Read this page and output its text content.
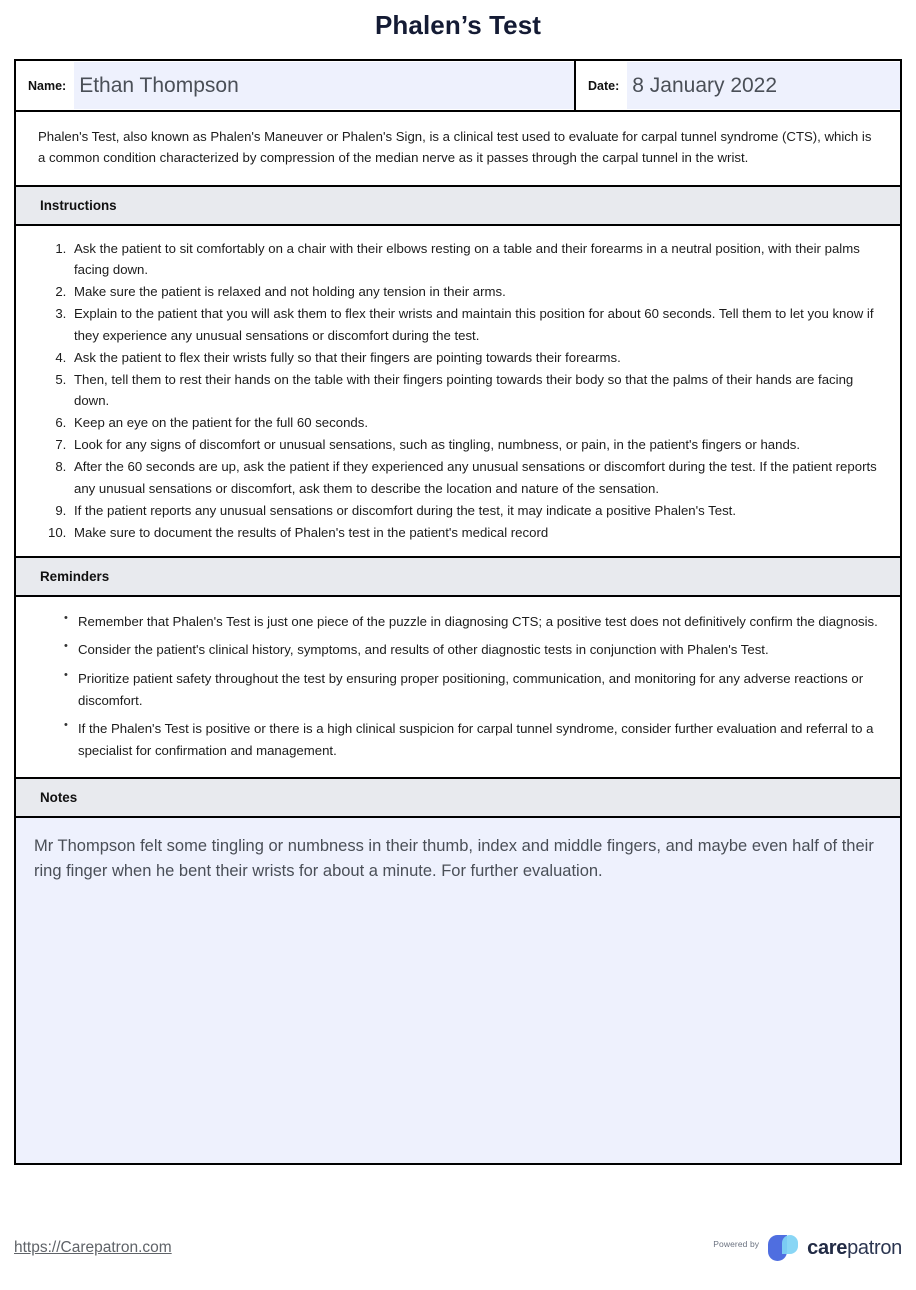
Phalen’s Test
Name: Ethan Thompson	Date: 8 January 2022
Phalen's Test, also known as Phalen's Maneuver or Phalen's Sign, is a clinical test used to evaluate for carpal tunnel syndrome (CTS), which is a common condition characterized by compression of the median nerve as it passes through the carpal tunnel in the wrist.
Instructions
1. Ask the patient to sit comfortably on a chair with their elbows resting on a table and their forearms in a neutral position, with their palms facing down.
2. Make sure the patient is relaxed and not holding any tension in their arms.
3. Explain to the patient that you will ask them to flex their wrists and maintain this position for about 60 seconds. Tell them to let you know if they experience any unusual sensations or discomfort during the test.
4. Ask the patient to flex their wrists fully so that their fingers are pointing towards their forearms.
5. Then, tell them to rest their hands on the table with their fingers pointing towards their body so that the palms of their hands are facing down.
6. Keep an eye on the patient for the full 60 seconds.
7. Look for any signs of discomfort or unusual sensations, such as tingling, numbness, or pain, in the patient's fingers or hands.
8. After the 60 seconds are up, ask the patient if they experienced any unusual sensations or discomfort during the test. If the patient reports any unusual sensations or discomfort, ask them to describe the location and nature of the sensation.
9. If the patient reports any unusual sensations or discomfort during the test, it may indicate a positive Phalen's Test.
10. Make sure to document the results of Phalen's test in the patient's medical record
Reminders
• Remember that Phalen's Test is just one piece of the puzzle in diagnosing CTS; a positive test does not definitively confirm the diagnosis.
• Consider the patient's clinical history, symptoms, and results of other diagnostic tests in conjunction with Phalen's Test.
• Prioritize patient safety throughout the test by ensuring proper positioning, communication, and monitoring for any adverse reactions or discomfort.
• If the Phalen's Test is positive or there is a high clinical suspicion for carpal tunnel syndrome, consider further evaluation and referral to a specialist for confirmation and management.
Notes
Mr Thompson felt some tingling or numbness in their thumb, index and middle fingers, and maybe even half of their ring finger when he bent their wrists for about a minute. For further evaluation.
https://Carepatron.com	Powered by carepatron
